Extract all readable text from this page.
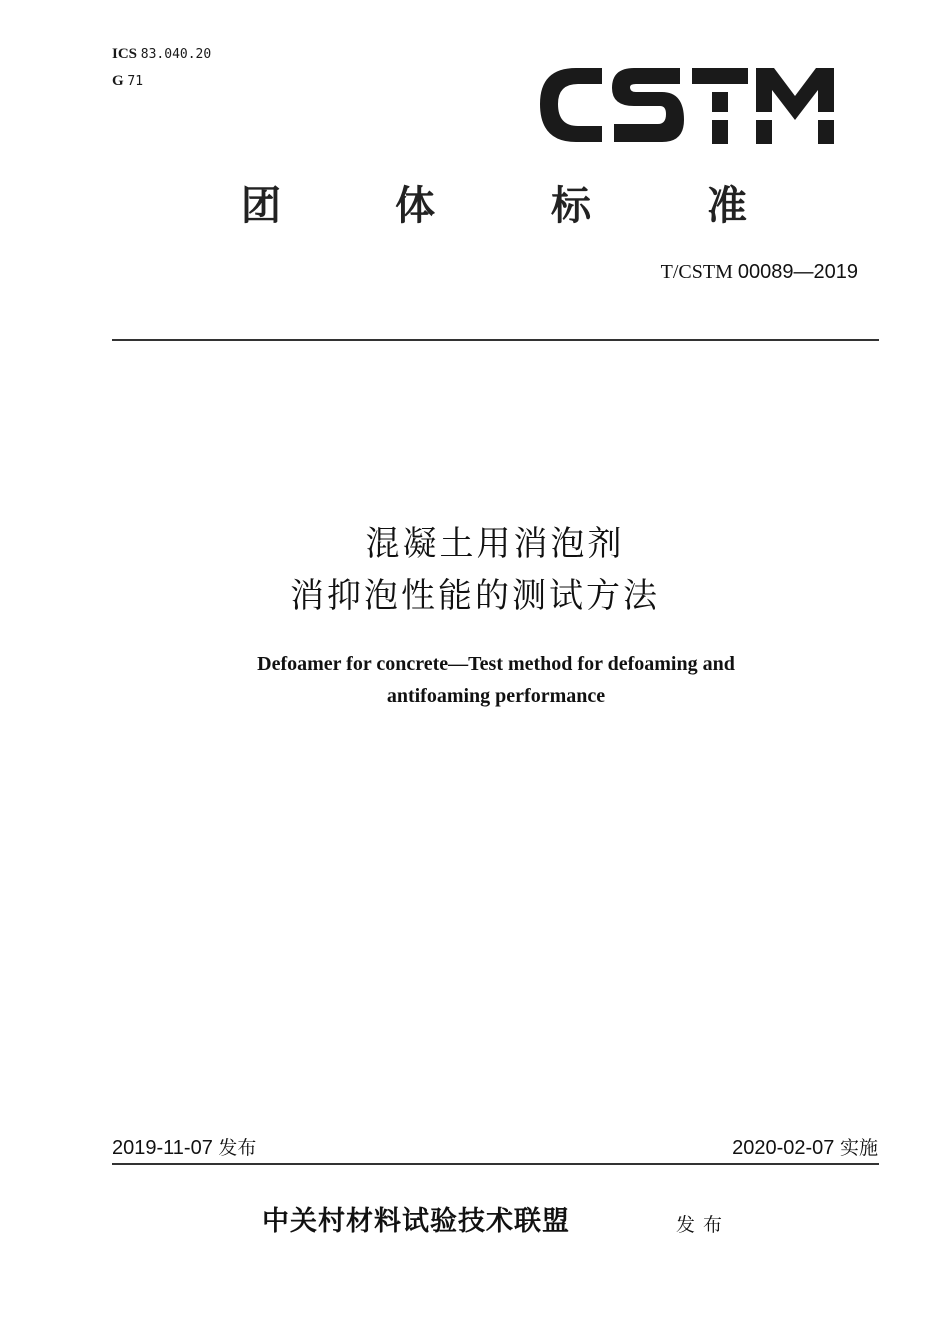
ICS 83.040.20
G 71
团	体	标	准
T/CSTM 00089—2019
混凝土用消泡剂
消抑泡性能的测试方法
Defoamer for concrete—Test method for defoaming and
antifoaming performance
2019-11-07 发布	2020-02-07 实施
中关村材料试验技术联盟	发布
